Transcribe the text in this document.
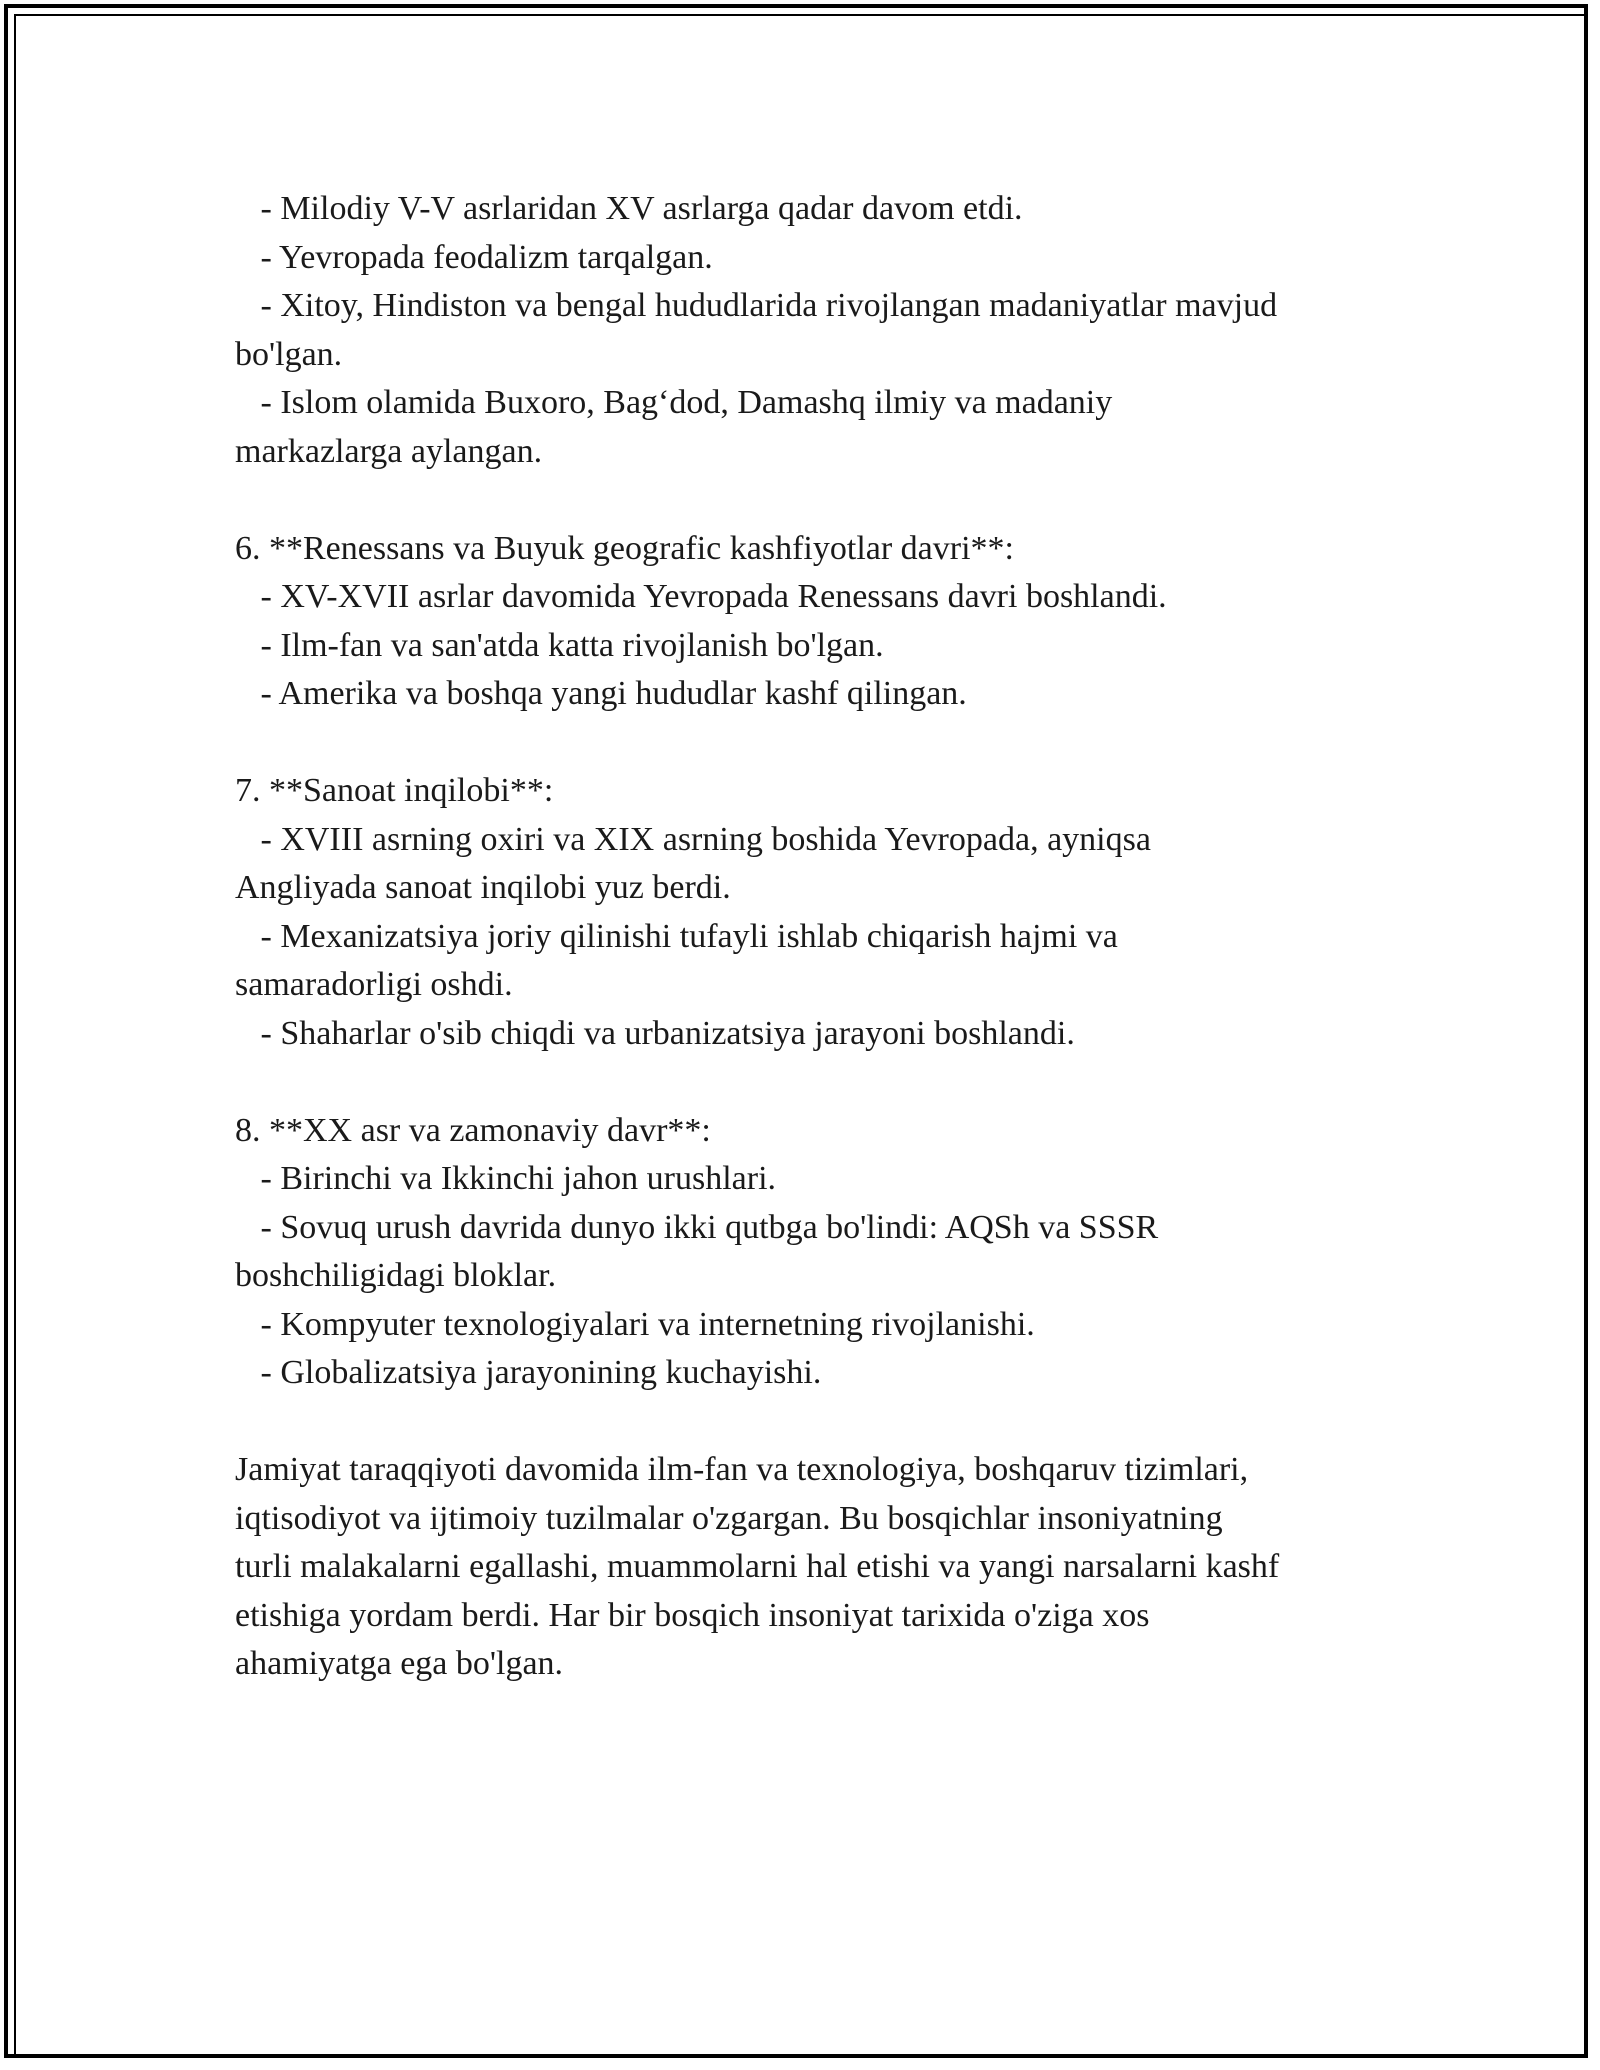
- Milodiy V-V asrlaridan XV asrlarga qadar davom etdi.

- Yevropada feodalizm tarqalgan.

- Xitoy, Hindiston va bengal hududlarida rivojlangan madaniyatlar mavjud

bo'lgan.

- Islom olamida Buxoro, Bag‘dod, Damashq ilmiy va madaniy

markazlarga aylangan.

6. **Renessans va Buyuk geografic kashfiyotlar davri**:

- XV-XVII asrlar davomida Yevropada Renessans davri boshlandi.

- Ilm-fan va san'atda katta rivojlanish bo'lgan.

- Amerika va boshqa yangi hududlar kashf qilingan.

7. **Sanoat inqilobi**:

- XVIII asrning oxiri va XIX asrning boshida Yevropada, ayniqsa

Angliyada sanoat inqilobi yuz berdi.

- Mexanizatsiya joriy qilinishi tufayli ishlab chiqarish hajmi va

samaradorligi oshdi.

- Shaharlar o'sib chiqdi va urbanizatsiya jarayoni boshlandi.

8. **XX asr va zamonaviy davr**:

- Birinchi va Ikkinchi jahon urushlari.

- Sovuq urush davrida dunyo ikki qutbga bo'lindi: AQSh va SSSR

boshchiligidagi bloklar.

- Kompyuter texnologiyalari va internetning rivojlanishi.

- Globalizatsiya jarayonining kuchayishi.

Jamiyat taraqqiyoti davomida ilm-fan va texnologiya, boshqaruv tizimlari,

iqtisodiyot va ijtimoiy tuzilmalar o'zgargan. Bu bosqichlar insoniyatning

turli malakalarni egallashi, muammolarni hal etishi va yangi narsalarni kashf

etishiga yordam berdi. Har bir bosqich insoniyat tarixida o'ziga xos

ahamiyatga ega bo'lgan.
